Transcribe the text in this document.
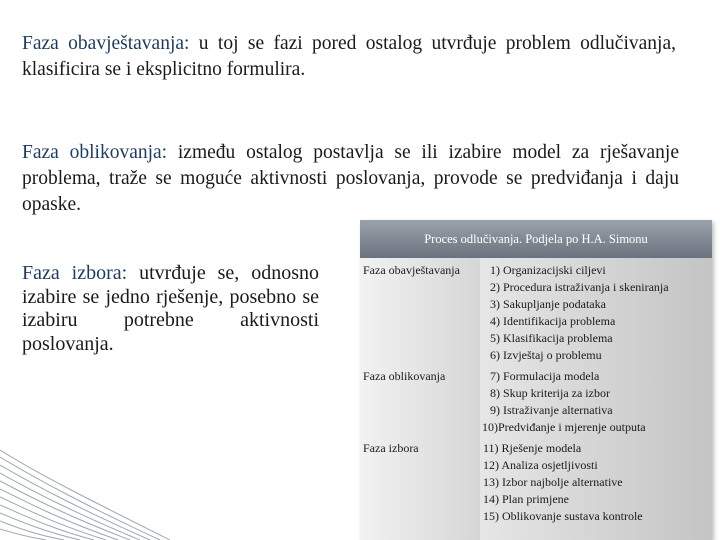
Faza obavještavanja: u toj se fazi pored ostalog utvrđuje problem odlučivanja, klasificira se i eksplicitno formulira.

Faza oblikovanja: između ostalog postavlja se ili izabire model za rješavanje problema, traže se moguće aktivnosti poslovanja, provode se predviđanja i daju opaske.

Faza izbora: utvrđuje se, odnosno izabire se jedno rješenje, posebno se izabiru potrebne aktivnosti poslovanja.

Proces odlučivanja. Podjela po H.A. Simonu
Faza obavještavanja	1) Organizacijski ciljevi
2) Procedura istraživanja i skeniranja
3) Sakupljanje podataka
4) Identifikacija problema
5) Klasifikacija problema
6) Izvještaj o problemu
Faza oblikovanja	7) Formulacija modela
8) Skup kriterija za izbor
9) Istraživanje alternativa
10)Predviđanje i mjerenje outputa
Faza izbora	11) Rješenje modela
12) Analiza osjetljivosti
13) Izbor najbolje alternative
14) Plan primjene
15) Oblikovanje sustava kontrole
